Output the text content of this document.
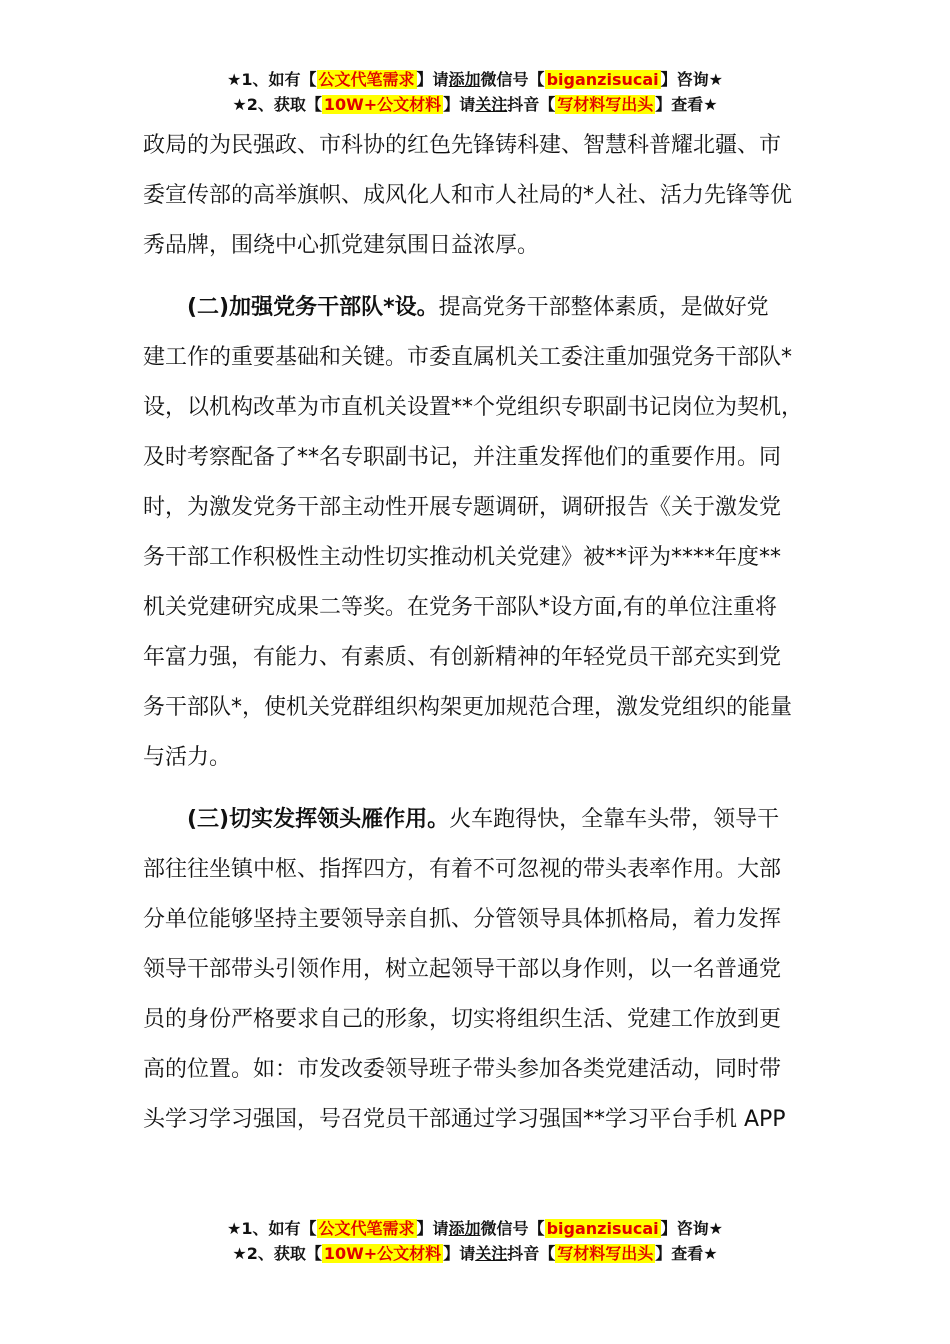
★1、如有【 公文代笔需求 】请添加微信号【 biganzisucai 】咨询★
★2、获取【 10W+公文材料 】请关注抖音【 写材料写出头 】查看★

政局的为民强政、市科协的红色先锋铸科建、智慧科普耀北疆、市

委宣传部的高举旗帜、成风化人和市人社局的*人社、活力先锋等优

秀品牌，围绕中心抓党建氛围日益浓厚。

(二)加强党务干部队*设。提高党务干部整体素质，是做好党

建工作的重要基础和关键。市委直属机关工委注重加强党务干部队*

设，以机构改革为市直机关设置**个党组织专职副书记岗位为契机，

及时考察配备了**名专职副书记，并注重发挥他们的重要作用。同

时，为激发党务干部主动性开展专题调研，调研报告《关于激发党

务干部工作积极性主动性切实推动机关党建》被**评为****年度**

机关党建研究成果二等奖。在党务干部队*设方面,有的单位注重将

年富力强，有能力、有素质、有创新精神的年轻党员干部充实到党

务干部队*，使机关党群组织构架更加规范合理，激发党组织的能量

与活力。

(三)切实发挥领头雁作用。火车跑得快，全靠车头带，领导干

部往往坐镇中枢、指挥四方，有着不可忽视的带头表率作用。大部

分单位能够坚持主要领导亲自抓、分管领导具体抓格局，着力发挥

领导干部带头引领作用，树立起领导干部以身作则，以一名普通党

员的身份严格要求自己的形象，切实将组织生活、党建工作放到更

高的位置。如：市发改委领导班子带头参加各类党建活动，同时带

头学习学习强国，号召党员干部通过学习强国**学习平台手机 APP

★1、如有【 公文代笔需求 】请添加微信号【 biganzisucai 】咨询★
★2、获取【 10W+公文材料 】请关注抖音【 写材料写出头 】查看★
